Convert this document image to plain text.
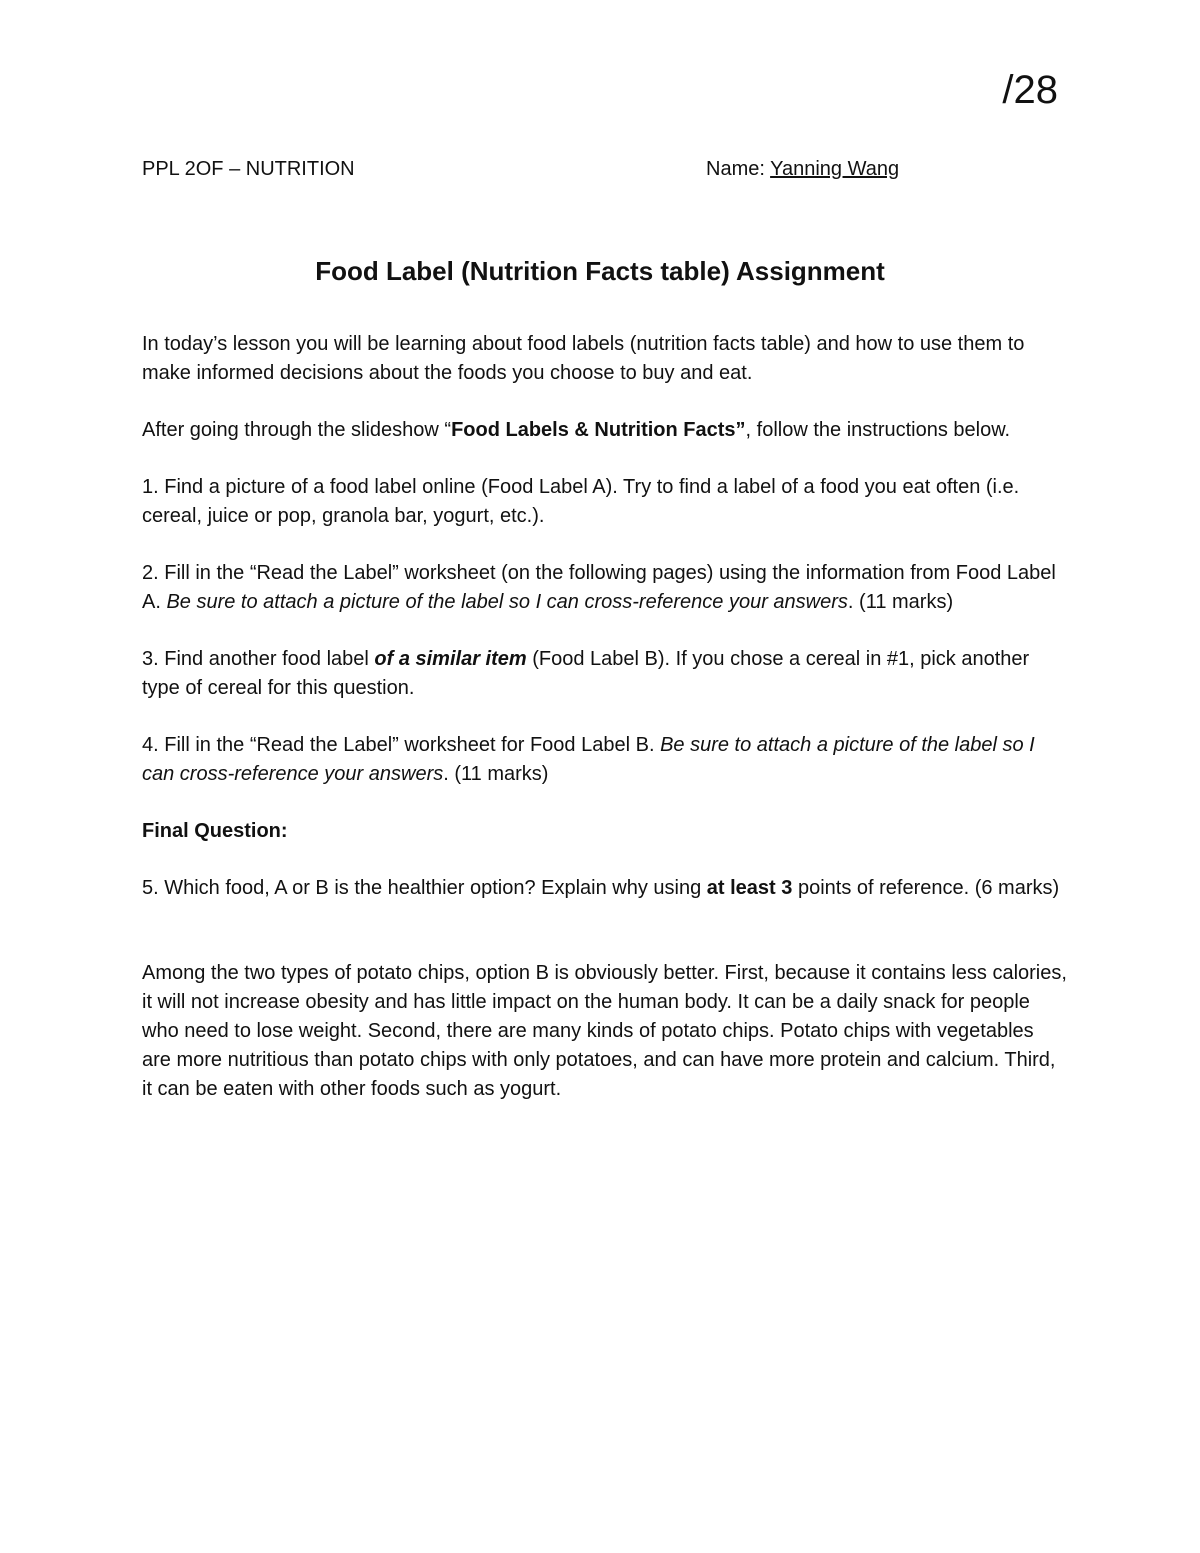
/28
PPL 2OF – NUTRITION	Name: Yanning Wang
Food Label (Nutrition Facts table) Assignment

In today’s lesson you will be learning about food labels (nutrition facts table) and how to use them to make informed decisions about the foods you choose to buy and eat.

After going through the slideshow “Food Labels & Nutrition Facts”, follow the instructions below.

1. Find a picture of a food label online (Food Label A). Try to find a label of a food you eat often (i.e. cereal, juice or pop, granola bar, yogurt, etc.).

2. Fill in the “Read the Label” worksheet (on the following pages) using the information from Food Label A. Be sure to attach a picture of the label so I can cross-reference your answers. (11 marks)

3. Find another food label of a similar item (Food Label B). If you chose a cereal in #1, pick another type of cereal for this question.

4. Fill in the “Read the Label” worksheet for Food Label B. Be sure to attach a picture of the label so I can cross-reference your answers. (11 marks)

Final Question:

5. Which food, A or B is the healthier option? Explain why using at least 3 points of reference. (6 marks)

Among the two types of potato chips, option B is obviously better. First, because it contains less calories, it will not increase obesity and has little impact on the human body. It can be a daily snack for people who need to lose weight. Second, there are many kinds of potato chips. Potato chips with vegetables are more nutritious than potato chips with only potatoes, and can have more protein and calcium. Third, it can be eaten with other foods such as yogurt.
